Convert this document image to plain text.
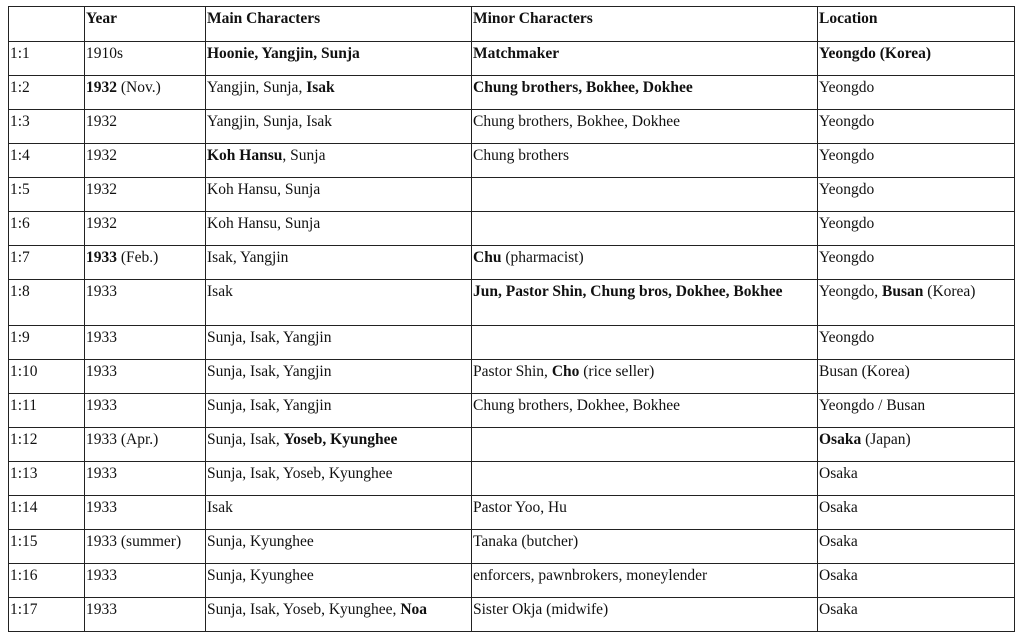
	Year	Main Characters	Minor Characters	Location
1:1	1910s	Hoonie, Yangjin, Sunja	Matchmaker	Yeongdo (Korea)
1:2	1932 (Nov.)	Yangjin, Sunja, Isak	Chung brothers, Bokhee, Dokhee	Yeongdo
1:3	1932	Yangjin, Sunja, Isak	Chung brothers, Bokhee, Dokhee	Yeongdo
1:4	1932	Koh Hansu, Sunja	Chung brothers	Yeongdo
1:5	1932	Koh Hansu, Sunja		Yeongdo
1:6	1932	Koh Hansu, Sunja		Yeongdo
1:7	1933 (Feb.)	Isak, Yangjin	Chu (pharmacist)	Yeongdo
1:8	1933	Isak	Jun, Pastor Shin, Chung bros, Dokhee, Bokhee	Yeongdo, Busan (Korea)
1:9	1933	Sunja, Isak, Yangjin		Yeongdo
1:10	1933	Sunja, Isak, Yangjin	Pastor Shin, Cho (rice seller)	Busan (Korea)
1:11	1933	Sunja, Isak, Yangjin	Chung brothers, Dokhee, Bokhee	Yeongdo / Busan
1:12	1933 (Apr.)	Sunja, Isak, Yoseb, Kyunghee		Osaka (Japan)
1:13	1933	Sunja, Isak, Yoseb, Kyunghee		Osaka
1:14	1933	Isak	Pastor Yoo, Hu	Osaka
1:15	1933 (summer)	Sunja, Kyunghee	Tanaka (butcher)	Osaka
1:16	1933	Sunja, Kyunghee	enforcers, pawnbrokers, moneylender	Osaka
1:17	1933	Sunja, Isak, Yoseb, Kyunghee, Noa	Sister Okja (midwife)	Osaka
